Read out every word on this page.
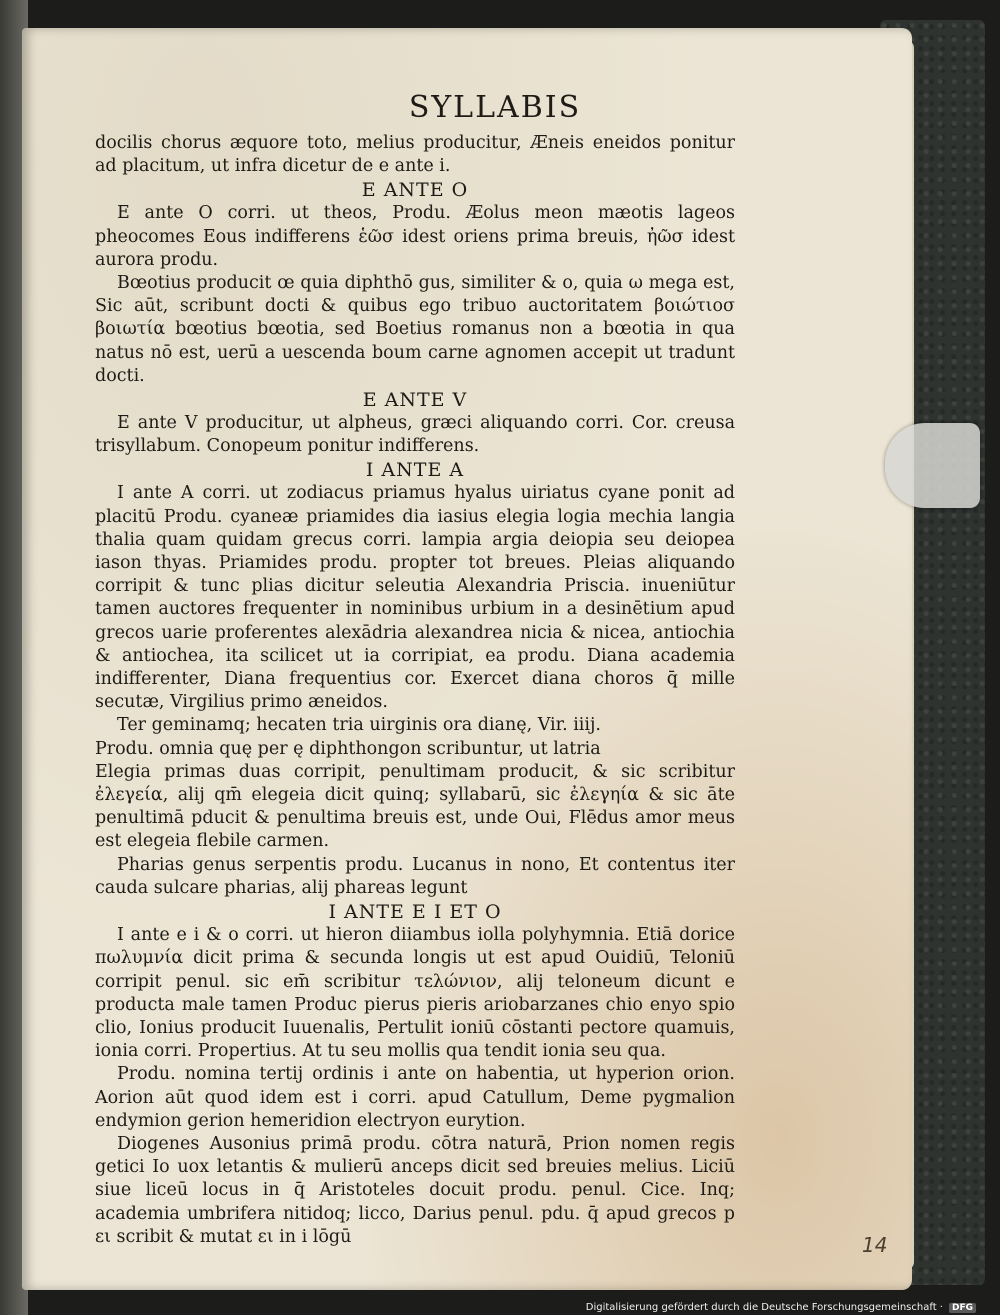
SYLLABIS

docilis chorus æquore toto, melius producitur, Æneis eneidos ponitur ad placitum, ut infra dicetur de e ante i.

E ANTE O

E ante O corri. ut theos, Produ. Æolus meon mæotis lageos pheocomes Eous indifferens ἑῶσ idest oriens prima breuis, ἠῶσ idest aurora produ.

Bœotius producit œ quia diphthō gus, similiter & o, quia ω mega est, Sic aūt, scribunt docti & quibus ego tribuo auctoritatem βοιώτιοσ βοιωτία bœotius bœotia, sed Boetius romanus non a bœotia in qua natus nō est, uerū a uescenda boum carne agnomen accepit ut tradunt docti.

E ANTE V

E ante V producitur, ut alpheus, græci aliquando corri. Cor. creusa trisyllabum. Conopeum ponitur indifferens.

I ANTE A

I ante A corri. ut zodiacus priamus hyalus uiriatus cyane ponit ad placitū Produ. cyaneæ priamides dia iasius elegia logia mechia langia thalia quam quidam grecus corri. lampia argia deiopia seu deiopea iason thyas. Priamides produ. propter tot breues. Pleias aliquando corripit & tunc plias dicitur seleutia Alexandria Priscia. inueniūtur tamen auctores frequenter in nominibus urbium in a desinētium apud grecos uarie proferentes alexādria alexandrea nicia & nicea, antiochia & antiochea, ita scilicet ut ia corripiat, ea produ. Diana academia indifferenter, Diana frequentius cor. Exercet diana choros q̄ mille secutæ, Virgilius primo æneidos.

Ter geminamq; hecaten tria uirginis ora dianę, Vir. iiij.

Produ. omnia quę per ę diphthongon scribuntur, ut latria

Elegia primas duas corripit, penultimam producit, & sic scribitur ἐλεγεία, alij qm̄ elegeia dicit quinq; syllabarū, sic ἐλεγηία & sic āte penultimā pducit & penultima breuis est, unde Oui, Flēdus amor meus est elegeia flebile carmen.

Pharias genus serpentis produ. Lucanus in nono, Et contentus iter cauda sulcare pharias, alij phareas legunt

I ANTE E I ET O

I ante e i & o corri. ut hieron diiambus iolla polyhymnia. Etiā dorice πωλυμνία dicit prima & secunda longis ut est apud Ouidiū, Teloniū corripit penul. sic em̄ scribitur τελώνιον, alij teloneum dicunt e producta male tamen Produc pierus pieris ariobarzanes chio enyo spio clio, Ionius producit Iuuenalis, Pertulit ioniū cōstanti pectore quamuis, ionia corri. Propertius. At tu seu mollis qua tendit ionia seu qua.

Produ. nomina tertij ordinis i ante on habentia, ut hyperion orion. Aorion aūt quod idem est i corri. apud Catullum, Deme pygmalion endymion gerion hemeridion electryon eurytion.

Diogenes Ausonius primā produ. cōtra naturā, Prion nomen regis getici Io uox letantis & mulierū anceps dicit sed breuies melius. Liciū siue liceū locus in q̄ Aristoteles docuit produ. penul. Cice. Inq; academia umbrifera nitidoq; licco, Darius penul. pdu. q̄ apud grecos p ει scribit & mutat ει in i lōgū	14
Digitalisierung gefördert durch die Deutsche Forschungsgemeinschaft ·	DFG
